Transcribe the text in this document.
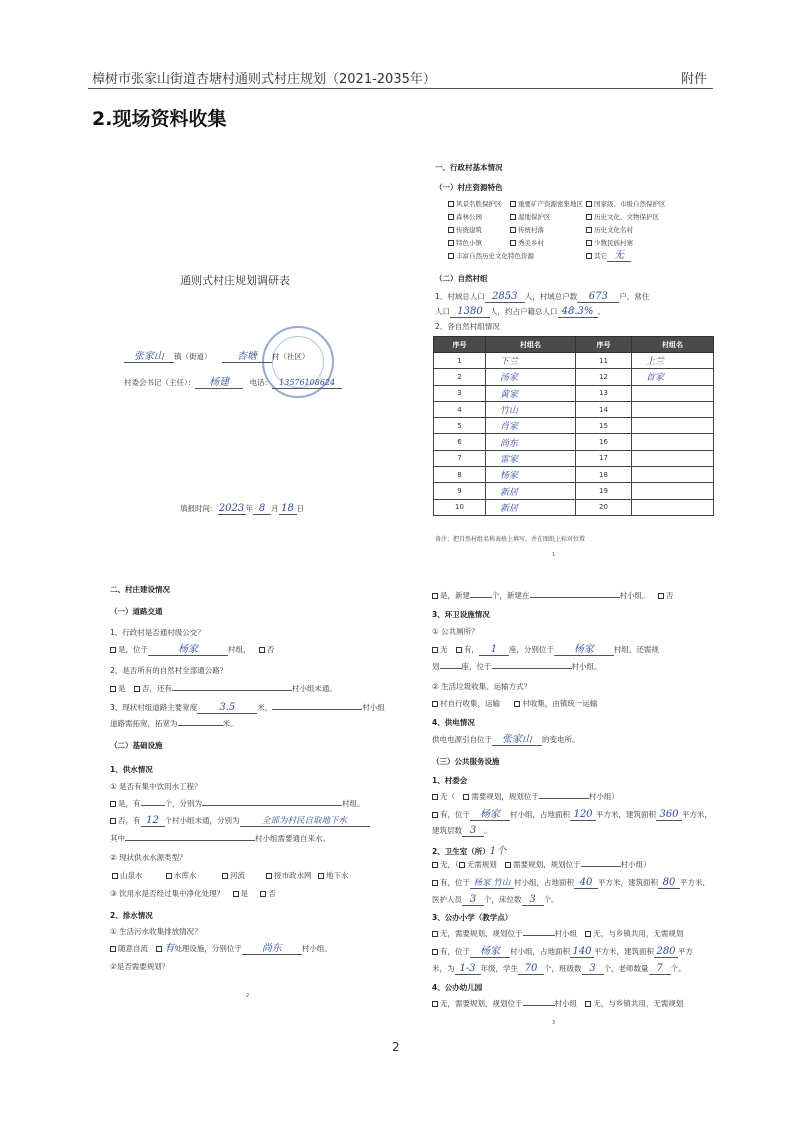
樟树市张家山街道杏塘村通则式村庄规划（2021-2035年）	附件
2.现场资料收集
通则式村庄规划调研表
张家山 镇（街道）	杏塘 村（社区）
村委会书记（主任）： 杨建	电话： 13576108624
填报时间：2023年 8 月 18 日
一、行政村基本情况
（一）村庄资源特色
风景名胜保护区	重要矿产资源密集地区	国家级、市级自然保护区
森林公园	湿地保护区	历史文化、文物保护区
传统建筑	传统村落	历史文化名村
特色小镇	秀美乡村	少数民族村寨
丰富自然历史文化特色资源	其它 无
（二）自然村组
1、村域总人口 2853 人，村域总户数 673 户，常住
人口 1380 人，约占户籍总人口 48.3% 。
2、各自然村组情况
序号	村组名	序号	村组名
1	下兰	11	上兰
2	汤家	12	首家
3	黄家	13	
4	竹山	14	
5	肖家	15	
6	尚东	16	
7	雷家	17	
8	杨家	18	
9	新居	19	
10	新居	20	
备注：把自然村组名称表格上填写，并在图纸上标对位置
1
二、村庄建设情况
（一）道路交通
1、行政村是否通村级公交？
是，位于	杨家	村组， 否
2、是否所有的自然村全部通公路？
是 否，还有	村小组未通。
3、现状村组道路主要宽度 3.5	米，	村小组
道路需拓宽，拓宽为	米。
（二）基础设施
1、供水情况
① 是否有集中饮用水工程？
是，有	个，分别为	村组。
否，有 12 个村小组未通，分别为	全部为村民自取地下水
其中	村小组需要通自来水。
② 现状供水水源类型？
山泉水	水库水	河流	接市政水网	地下水
③ 饮用水是否经过集中净化处理？ 是	否
2、排水情况
① 生活污水收集排放情况？
随意自流 有处理设施，分别位于 尚东	村小组。
②是否需要规划？
2
是，新建	个，新建在	村小组。 否
3、环卫设施情况
① 公共厕所？
无 有， 1 座，分别位于 杨家	村组，还需规
划	座，位于	村小组。
② 生活垃圾收集、运输方式？
村自行收集，运输	村收集，由镇统一运输
4、供电情况
供电电源引自位于 张家山 的变电所。
（三）公共服务设施
1、村委会
无（ 需要规划，规划位于	村小组）
有，位于 杨家 村小组，占地面积 120 平方米，建筑面积 360 平方米，
建筑层数 3 。
2、卫生室（所）1个
无，（ 无需规划 需要规划，规划位于	村小组）
有，位于 杨家 竹山 村小组，占地面积 40 平方米，建筑面积 80 平方米，
医护人员 3 个，床位数 3 个。
3、公办小学（教学点）
无，需要规划，规划位于	村小组 无，与乡镇共用，无需规划
有，位于 杨家 村小组，占地面积 140 平方米，建筑面积 280 平方
米，为 1-3 年级，学生 70 个，班级数 3 个，老师数量 7 个。
4、公办幼儿园
无，需要规划，规划位于	村小组 无，与乡镇共用，无需规划
3
2
